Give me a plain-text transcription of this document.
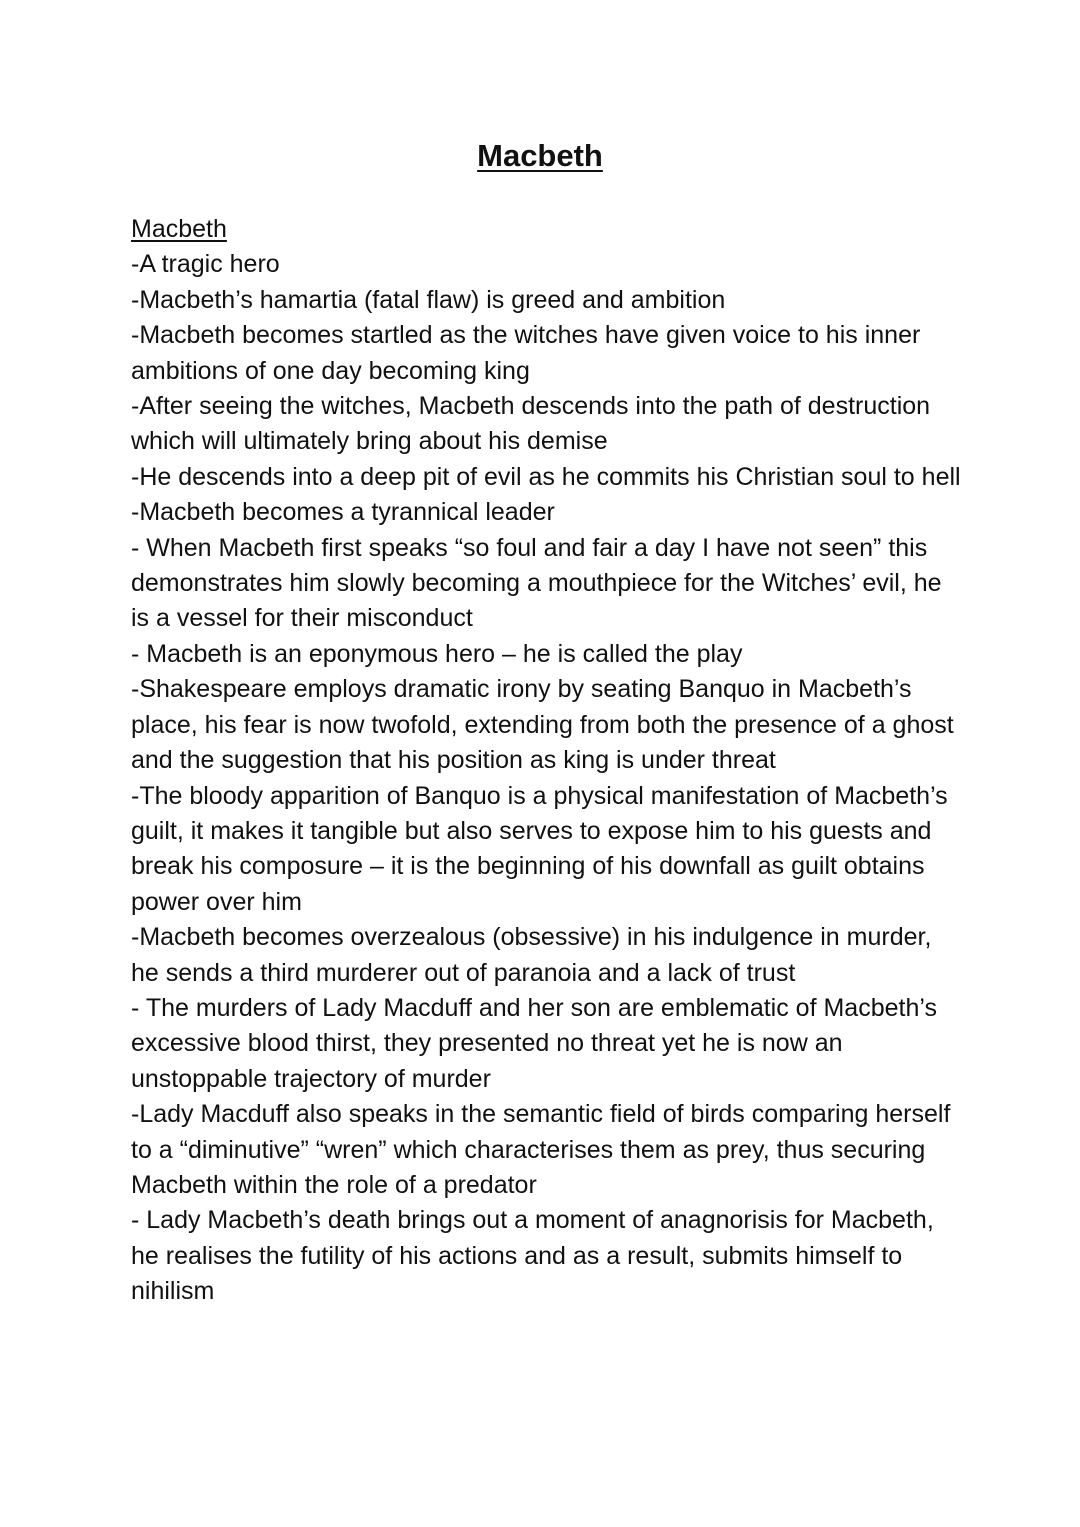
Macbeth
Macbeth
-A tragic hero
-Macbeth’s hamartia (fatal flaw) is greed and ambition
-Macbeth becomes startled as the witches have given voice to his inner ambitions of one day becoming king
-After seeing the witches, Macbeth descends into the path of destruction which will ultimately bring about his demise
-He descends into a deep pit of evil as he commits his Christian soul to hell
-Macbeth becomes a tyrannical leader
- When Macbeth first speaks “so foul and fair a day I have not seen” this demonstrates him slowly becoming a mouthpiece for the Witches’ evil, he is a vessel for their misconduct
- Macbeth is an eponymous hero – he is called the play
-Shakespeare employs dramatic irony by seating Banquo in Macbeth’s place, his fear is now twofold, extending from both the presence of a ghost and the suggestion that his position as king is under threat
-The bloody apparition of Banquo is a physical manifestation of Macbeth’s guilt, it makes it tangible but also serves to expose him to his guests and break his composure – it is the beginning of his downfall as guilt obtains power over him
-Macbeth becomes overzealous (obsessive) in his indulgence in murder, he sends a third murderer out of paranoia and a lack of trust
- The murders of Lady Macduff and her son are emblematic of Macbeth’s excessive blood thirst, they presented no threat yet he is now an unstoppable trajectory of murder
-Lady Macduff also speaks in the semantic field of birds comparing herself to a “diminutive” “wren” which characterises them as prey, thus securing Macbeth within the role of a predator
- Lady Macbeth’s death brings out a moment of anagnorisis for Macbeth, he realises the futility of his actions and as a result, submits himself to nihilism
